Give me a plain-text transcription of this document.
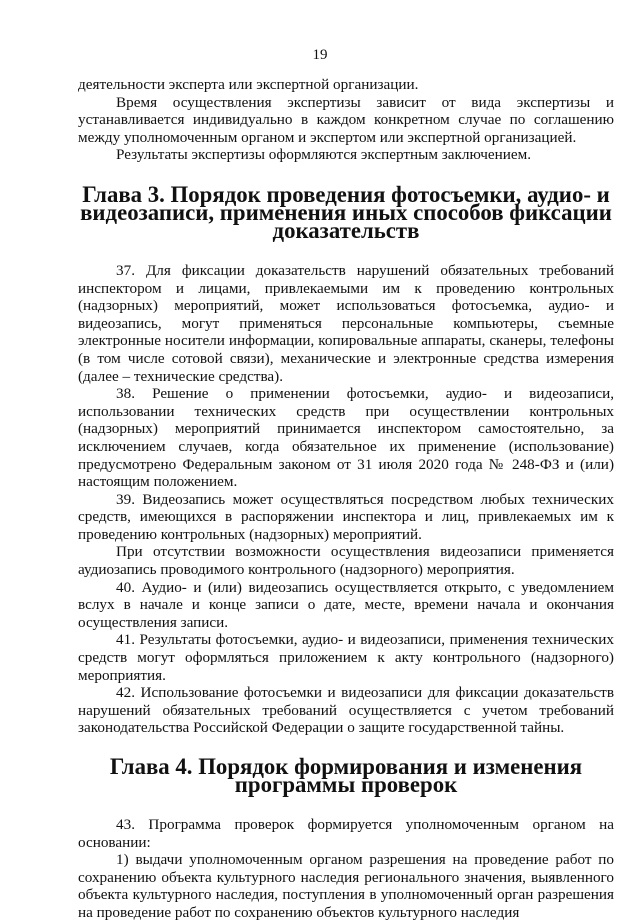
19

деятельности эксперта или экспертной организации.

Время осуществления экспертизы зависит от вида экспертизы и устанавливается индивидуально в каждом конкретном случае по соглашению между уполномоченным органом и экспертом или экспертной организацией.

Результаты экспертизы оформляются экспертным заключением.

Глава 3. Порядок проведения фотосъемки, аудио- и видеозаписи, применения иных способов фиксации доказательств

37. Для фиксации доказательств нарушений обязательных требований инспектором и лицами, привлекаемыми им к проведению контрольных (надзорных) мероприятий, может использоваться фотосъемка, аудио- и видеозапись, могут применяться персональные компьютеры, съемные электронные носители информации, копировальные аппараты, сканеры, телефоны (в том числе сотовой связи), механические и электронные средства измерения (далее – технические средства).

38. Решение о применении фотосъемки, аудио- и видеозаписи, использовании технических средств при осуществлении контрольных (надзорных) мероприятий принимается инспектором самостоятельно, за исключением случаев, когда обязательное их применение (использование) предусмотрено Федеральным законом от 31 июля 2020 года № 248-ФЗ и (или) настоящим положением.

39. Видеозапись может осуществляться посредством любых технических средств, имеющихся в распоряжении инспектора и лиц, привлекаемых им к проведению контрольных (надзорных) мероприятий.

При отсутствии возможности осуществления видеозаписи применяется аудиозапись проводимого контрольного (надзорного) мероприятия.

40. Аудио- и (или) видеозапись осуществляется открыто, с уведомлением вслух в начале и конце записи о дате, месте, времени начала и окончания осуществления записи.

41. Результаты фотосъемки, аудио- и видеозаписи, применения технических средств могут оформляться приложением к акту контрольного (надзорного) мероприятия.

42. Использование фотосъемки и видеозаписи для фиксации доказательств нарушений обязательных требований осуществляется с учетом требований законодательства Российской Федерации о защите государственной тайны.

Глава 4. Порядок формирования и изменения программы проверок

43. Программа проверок формируется уполномоченным органом на основании:

1) выдачи уполномоченным органом разрешения на проведение работ по сохранению объекта культурного наследия регионального значения, выявленного объекта культурного наследия, поступления в уполномоченный орган разрешения на проведение работ по сохранению объектов культурного наследия
